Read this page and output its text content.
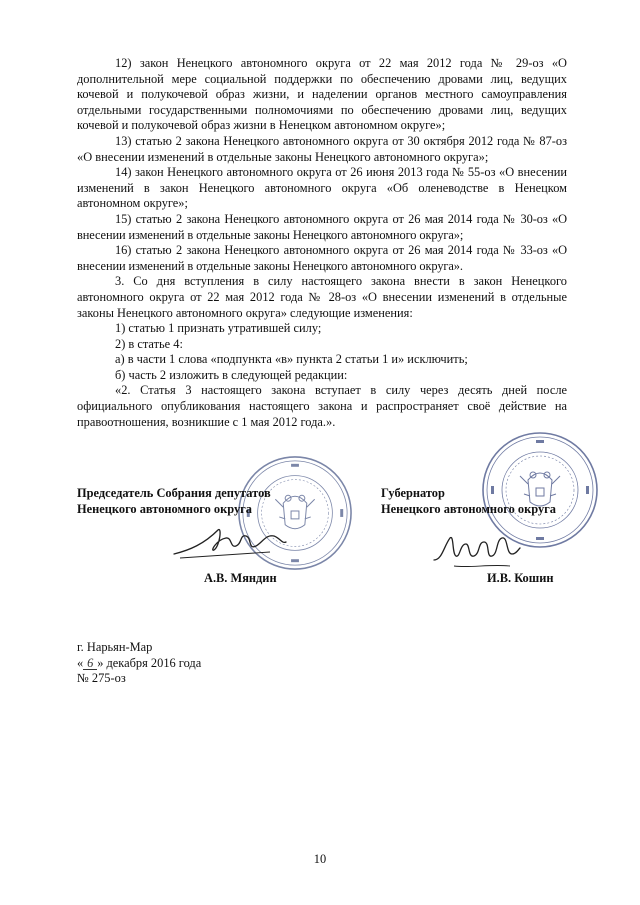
12) закон Ненецкого автономного округа от 22 мая 2012 года № 29-оз «О дополнительной мере социальной поддержки по обеспечению дровами лиц, ведущих кочевой и полукочевой образ жизни, и наделении органов местного самоуправления отдельными государственными полномочиями по обеспечению дровами лиц, ведущих кочевой и полукочевой образ жизни в Ненецком автономном округе»;

13) статью 2 закона Ненецкого автономного округа от 30 октября 2012 года № 87-оз «О внесении изменений в отдельные законы Ненецкого автономного округа»;

14) закон Ненецкого автономного округа от 26 июня 2013 года № 55-оз «О внесении изменений в закон Ненецкого автономного округа «Об оленеводстве в Ненецком автономном округе»;

15) статью 2 закона Ненецкого автономного округа от 26 мая 2014 года № 30-оз «О внесении изменений в отдельные законы Ненецкого автономного округа»;

16) статью 2 закона Ненецкого автономного округа от 26 мая 2014 года № 33-оз «О внесении изменений в отдельные законы Ненецкого автономного округа».

3. Со дня вступления в силу настоящего закона внести в закон Ненецкого автономного округа от 22 мая 2012 года № 28-оз «О внесении изменений в отдельные законы Ненецкого автономного округа» следующие изменения:

1) статью 1 признать утратившей силу;

2) в статье 4:

а) в части 1 слова «подпункта «в» пункта 2 статьи 1 и» исключить;

б) часть 2 изложить в следующей редакции:

«2. Статья 3 настоящего закона вступает в силу через десять дней после официального опубликования настоящего закона и распространяет своё действие на правоотношения, возникшие с 1 мая 2012 года.».

Председатель Собрания депутатов
Ненецкого автономного округа
Губернатор
Ненецкого автономного округа
А.В. Мяндин	И.В. Кошин
г. Нарьян-Мар
« 6 » декабря 2016 года
№ 275-оз
10
